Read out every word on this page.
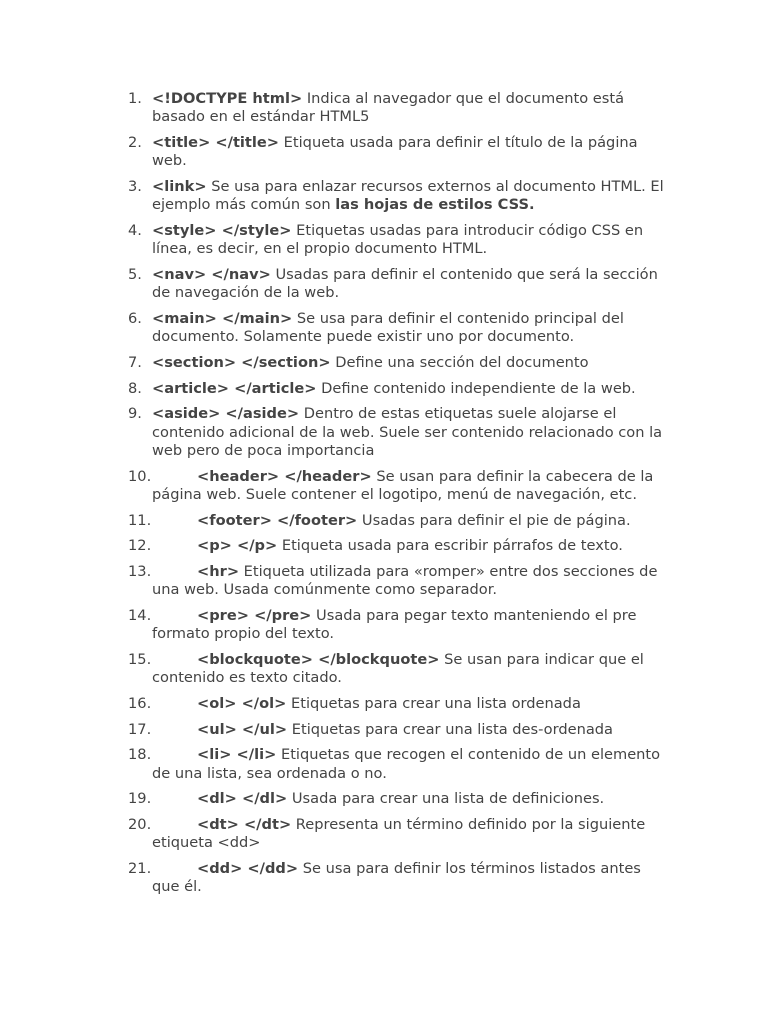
1. <!DOCTYPE html> Indica al navegador que el documento está basado en el estándar HTML5
2. <title> </title> Etiqueta usada para definir el título de la página web.
3. <link> Se usa para enlazar recursos externos al documento HTML. El ejemplo más común son las hojas de estilos CSS.
4. <style> </style> Etiquetas usadas para introducir código CSS en línea, es decir, en el propio documento HTML.
5. <nav> </nav> Usadas para definir el contenido que será la sección de navegación de la web.
6. <main> </main> Se usa para definir el contenido principal del documento. Solamente puede existir uno por documento.
7. <section> </section> Define una sección del documento
8. <article> </article> Define contenido independiente de la web.
9. <aside> </aside> Dentro de estas etiquetas suele alojarse el contenido adicional de la web. Suele ser contenido relacionado con la web pero de poca importancia
10.	<header> </header> Se usan para definir la cabecera de la página web. Suele contener el logotipo, menú de navegación, etc.
11.	<footer> </footer> Usadas para definir el pie de página.
12.	<p> </p> Etiqueta usada para escribir párrafos de texto.
13.	<hr> Etiqueta utilizada para «romper» entre dos secciones de una web. Usada comúnmente como separador.
14.	<pre> </pre> Usada para pegar texto manteniendo el pre formato propio del texto.
15.	<blockquote> </blockquote> Se usan para indicar que el contenido es texto citado.
16.	<ol> </ol> Etiquetas para crear una lista ordenada
17.	<ul> </ul> Etiquetas para crear una lista des-ordenada
18.	<li> </li> Etiquetas que recogen el contenido de un elemento de una lista, sea ordenada o no.
19.	<dl> </dl> Usada para crear una lista de definiciones.
20.	<dt> </dt> Representa un término definido por la siguiente etiqueta <dd>
21.	<dd> </dd> Se usa para definir los términos listados antes que él.
